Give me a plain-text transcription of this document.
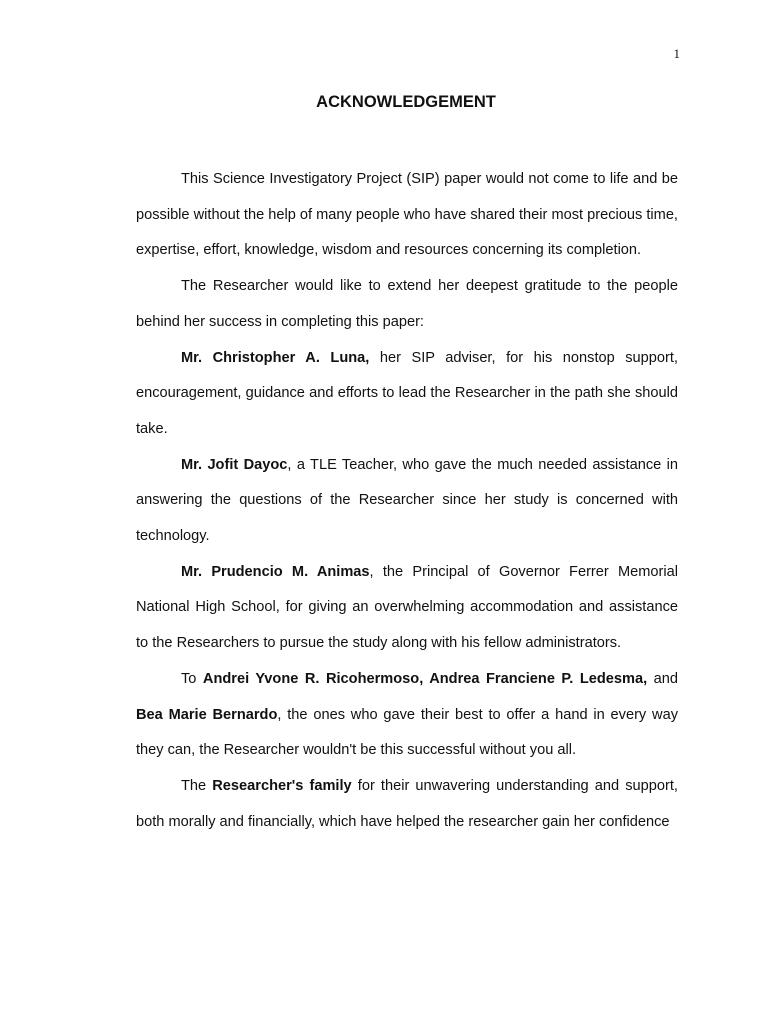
1
ACKNOWLEDGEMENT

This Science Investigatory Project (SIP) paper would not come to life and be possible without the help of many people who have shared their most precious time, expertise, effort, knowledge, wisdom and resources concerning its completion.

The Researcher would like to extend her deepest gratitude to the people behind her success in completing this paper:

Mr. Christopher A. Luna, her SIP adviser, for his nonstop support, encouragement, guidance and efforts to lead the Researcher in the path she should take.

Mr. Jofit Dayoc, a TLE Teacher, who gave the much needed assistance in answering the questions of the Researcher since her study is concerned with technology.

Mr. Prudencio M. Animas, the Principal of Governor Ferrer Memorial National High School, for giving an overwhelming accommodation and assistance to the Researchers to pursue the study along with his fellow administrators.

To Andrei Yvone R. Ricohermoso, Andrea Franciene P. Ledesma, and Bea Marie Bernardo, the ones who gave their best to offer a hand in every way they can, the Researcher wouldn't be this successful without you all.

The Researcher's family for their unwavering understanding and support, both morally and financially, which have helped the researcher gain her confidence
